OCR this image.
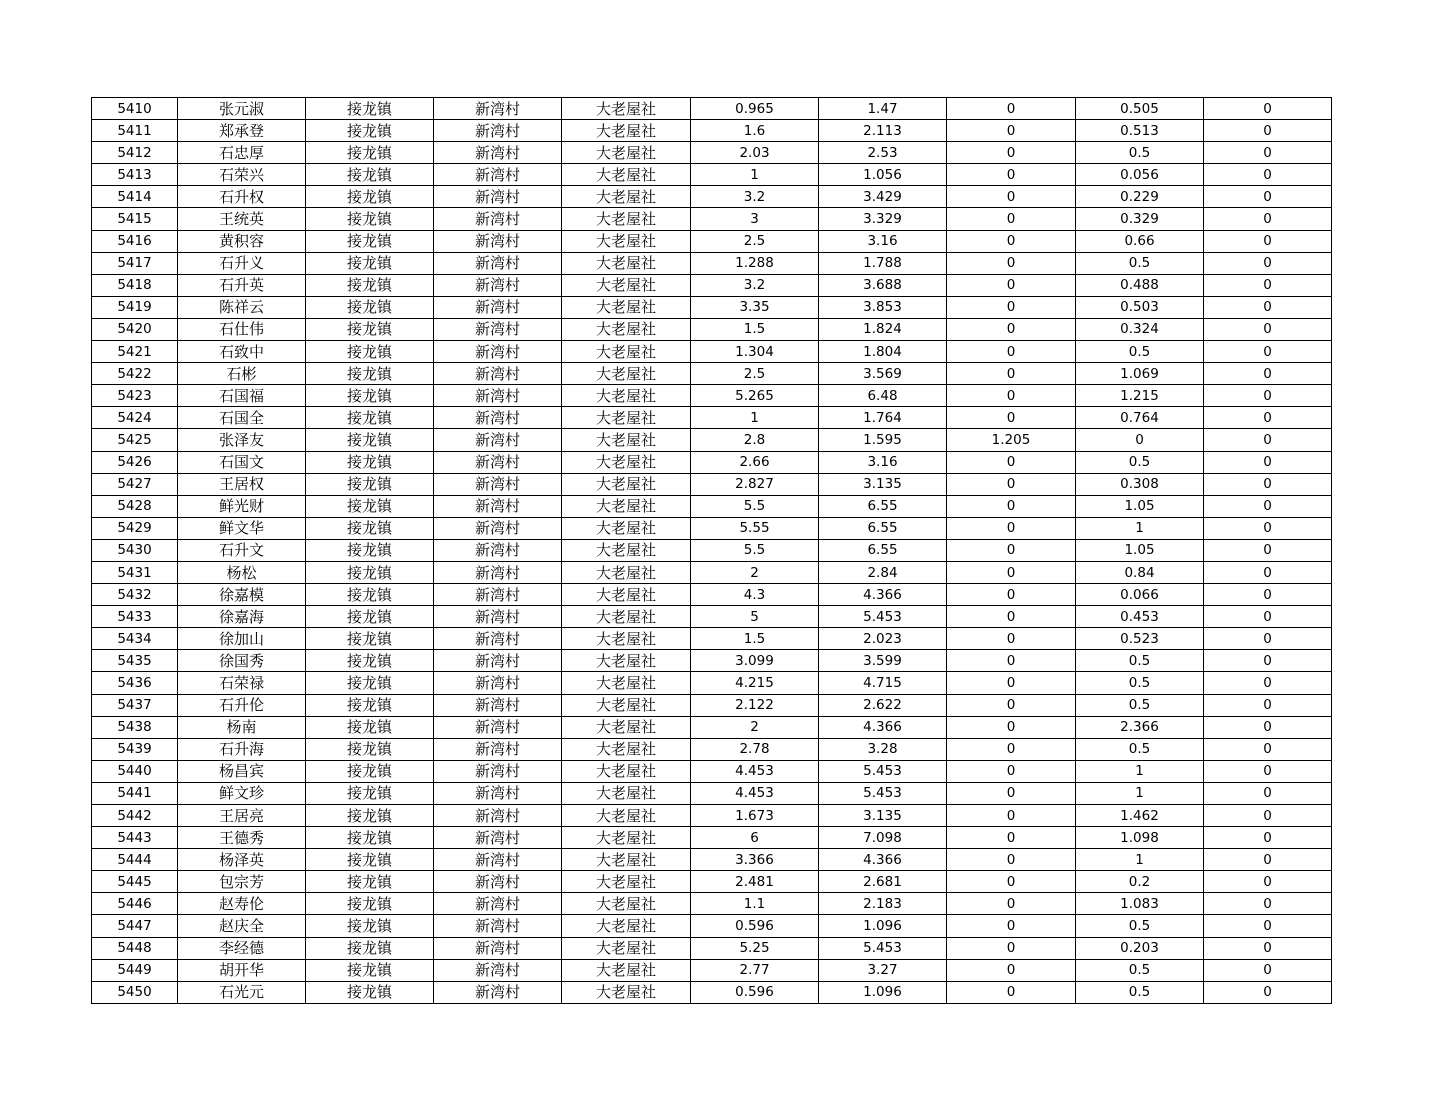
5410	张元淑	接龙镇	新湾村	大老屋社	0.965	1.47	0	0.505	0
5411	郑承登	接龙镇	新湾村	大老屋社	1.6	2.113	0	0.513	0
5412	石忠厚	接龙镇	新湾村	大老屋社	2.03	2.53	0	0.5	0
5413	石荣兴	接龙镇	新湾村	大老屋社	1	1.056	0	0.056	0
5414	石升权	接龙镇	新湾村	大老屋社	3.2	3.429	0	0.229	0
5415	王统英	接龙镇	新湾村	大老屋社	3	3.329	0	0.329	0
5416	黄积容	接龙镇	新湾村	大老屋社	2.5	3.16	0	0.66	0
5417	石升义	接龙镇	新湾村	大老屋社	1.288	1.788	0	0.5	0
5418	石升英	接龙镇	新湾村	大老屋社	3.2	3.688	0	0.488	0
5419	陈祥云	接龙镇	新湾村	大老屋社	3.35	3.853	0	0.503	0
5420	石仕伟	接龙镇	新湾村	大老屋社	1.5	1.824	0	0.324	0
5421	石致中	接龙镇	新湾村	大老屋社	1.304	1.804	0	0.5	0
5422	石彬	接龙镇	新湾村	大老屋社	2.5	3.569	0	1.069	0
5423	石国福	接龙镇	新湾村	大老屋社	5.265	6.48	0	1.215	0
5424	石国全	接龙镇	新湾村	大老屋社	1	1.764	0	0.764	0
5425	张泽友	接龙镇	新湾村	大老屋社	2.8	1.595	1.205	0	0
5426	石国文	接龙镇	新湾村	大老屋社	2.66	3.16	0	0.5	0
5427	王居权	接龙镇	新湾村	大老屋社	2.827	3.135	0	0.308	0
5428	鲜光财	接龙镇	新湾村	大老屋社	5.5	6.55	0	1.05	0
5429	鲜文华	接龙镇	新湾村	大老屋社	5.55	6.55	0	1	0
5430	石升文	接龙镇	新湾村	大老屋社	5.5	6.55	0	1.05	0
5431	杨松	接龙镇	新湾村	大老屋社	2	2.84	0	0.84	0
5432	徐嘉模	接龙镇	新湾村	大老屋社	4.3	4.366	0	0.066	0
5433	徐嘉海	接龙镇	新湾村	大老屋社	5	5.453	0	0.453	0
5434	徐加山	接龙镇	新湾村	大老屋社	1.5	2.023	0	0.523	0
5435	徐国秀	接龙镇	新湾村	大老屋社	3.099	3.599	0	0.5	0
5436	石荣禄	接龙镇	新湾村	大老屋社	4.215	4.715	0	0.5	0
5437	石升伦	接龙镇	新湾村	大老屋社	2.122	2.622	0	0.5	0
5438	杨南	接龙镇	新湾村	大老屋社	2	4.366	0	2.366	0
5439	石升海	接龙镇	新湾村	大老屋社	2.78	3.28	0	0.5	0
5440	杨昌宾	接龙镇	新湾村	大老屋社	4.453	5.453	0	1	0
5441	鲜文珍	接龙镇	新湾村	大老屋社	4.453	5.453	0	1	0
5442	王居亮	接龙镇	新湾村	大老屋社	1.673	3.135	0	1.462	0
5443	王德秀	接龙镇	新湾村	大老屋社	6	7.098	0	1.098	0
5444	杨泽英	接龙镇	新湾村	大老屋社	3.366	4.366	0	1	0
5445	包宗芳	接龙镇	新湾村	大老屋社	2.481	2.681	0	0.2	0
5446	赵寿伦	接龙镇	新湾村	大老屋社	1.1	2.183	0	1.083	0
5447	赵庆全	接龙镇	新湾村	大老屋社	0.596	1.096	0	0.5	0
5448	李经德	接龙镇	新湾村	大老屋社	5.25	5.453	0	0.203	0
5449	胡开华	接龙镇	新湾村	大老屋社	2.77	3.27	0	0.5	0
5450	石光元	接龙镇	新湾村	大老屋社	0.596	1.096	0	0.5	0
